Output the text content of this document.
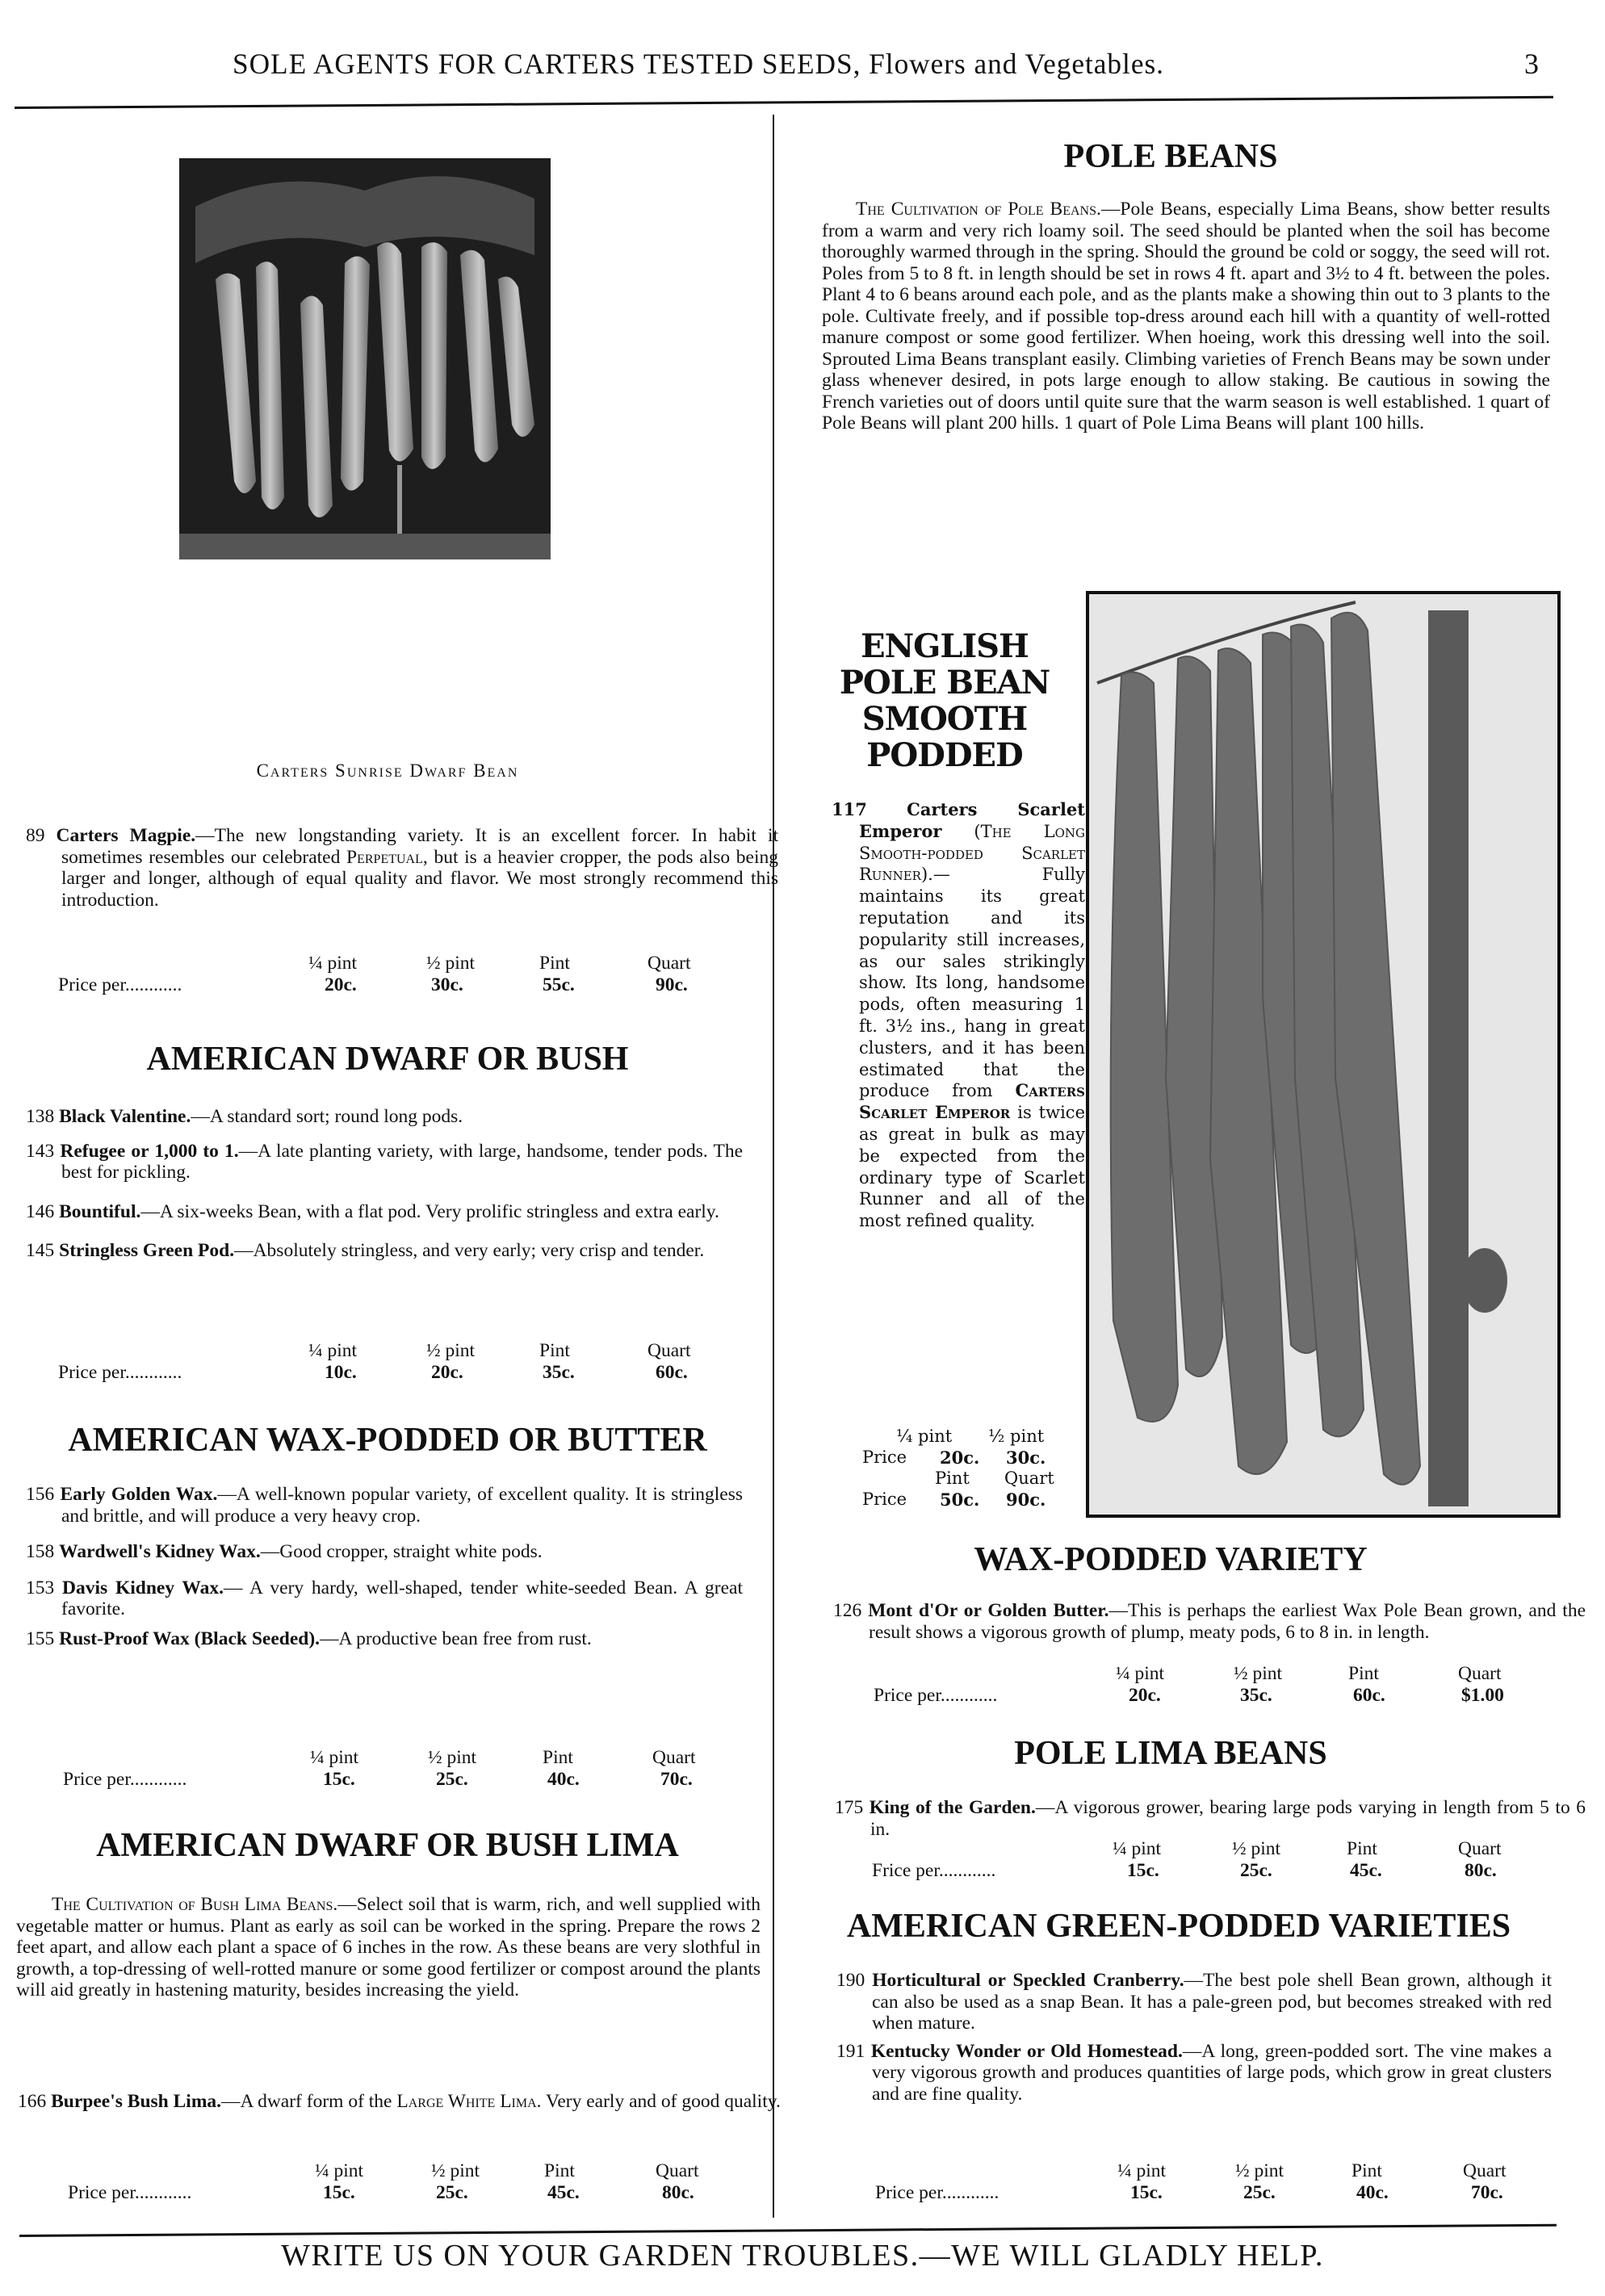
SOLE AGENTS FOR CARTERS TESTED SEEDS, Flowers and Vegetables.	3
Carters Sunrise Dwarf Bean
89 Carters Magpie.—The new longstanding variety. It is an excellent forcer. In habit it sometimes resembles our celebrated Perpetual, but is a heavier cropper, the pods also being larger and longer, although of equal quality and flavor. We most strongly recommend this introduction.
¼ pint	½ pint	Pint	Quart
Price per............	20c.	30c.	55c.	90c.
AMERICAN DWARF OR BUSH
138 Black Valentine.—A standard sort; round long pods.
143 Refugee or 1,000 to 1.—A late planting variety, with large, handsome, tender pods. The best for pickling.
146 Bountiful.—A six-weeks Bean, with a flat pod. Very prolific stringless and extra early.
145 Stringless Green Pod.—Absolutely stringless, and very early; very crisp and tender.
¼ pint	½ pint	Pint	Quart
Price per............	10c.	20c.	35c.	60c.
AMERICAN WAX-PODDED OR BUTTER
156 Early Golden Wax.—A well-known popular variety, of excellent quality. It is stringless and brittle, and will produce a very heavy crop.
158 Wardwell's Kidney Wax.—Good cropper, straight white pods.
153 Davis Kidney Wax.— A very hardy, well-shaped, tender white-seeded Bean. A great favorite.
155 Rust-Proof Wax (Black Seeded).—A productive bean free from rust.
¼ pint	½ pint	Pint	Quart
Price per............	15c.	25c.	40c.	70c.
AMERICAN DWARF OR BUSH LIMA
The Cultivation of Bush Lima Beans.—Select soil that is warm, rich, and well supplied with vegetable matter or humus. Plant as early as soil can be worked in the spring. Prepare the rows 2 feet apart, and allow each plant a space of 6 inches in the row. As these beans are very slothful in growth, a top-dressing of well-rotted manure or some good fertilizer or compost around the plants will aid greatly in hastening maturity, besides increasing the yield.
166 Burpee's Bush Lima.—A dwarf form of the Large White Lima. Very early and of good quality.
¼ pint	½ pint	Pint	Quart
Price per............	15c.	25c.	45c.	80c.
POLE BEANS
The Cultivation of Pole Beans.—Pole Beans, especially Lima Beans, show better results from a warm and very rich loamy soil. The seed should be planted when the soil has become thoroughly warmed through in the spring. Should the ground be cold or soggy, the seed will rot. Poles from 5 to 8 ft. in length should be set in rows 4 ft. apart and 3½ to 4 ft. between the poles. Plant 4 to 6 beans around each pole, and as the plants make a showing thin out to 3 plants to the pole. Cultivate freely, and if possible top-dress around each hill with a quantity of well-rotted manure compost or some good fertilizer. When hoeing, work this dressing well into the soil. Sprouted Lima Beans transplant easily. Climbing varieties of French Beans may be sown under glass whenever desired, in pots large enough to allow staking. Be cautious in sowing the French varieties out of doors until quite sure that the warm season is well established. 1 quart of Pole Beans will plant 200 hills. 1 quart of Pole Lima Beans will plant 100 hills.
ENGLISH
POLE BEAN
SMOOTH
PODDED
117 Carters Scarlet Emperor (The Long Smooth-podded Scarlet Runner).— Fully maintains its great reputation and its popularity still increases, as our sales strikingly show. Its long, handsome pods, often measuring 1 ft. 3½ ins., hang in great clusters, and it has been estimated that the produce from Carters Scarlet Emperor is twice as great in bulk as may be expected from the ordinary type of Scarlet Runner and all of the most refined quality.
¼ pint ½ pint
Price 20c. 30c.
Pint Quart
Price 50c. 90c.
WAX-PODDED VARIETY
126 Mont d'Or or Golden Butter.—This is perhaps the earliest Wax Pole Bean grown, and the result shows a vigorous growth of plump, meaty pods, 6 to 8 in. in length.
¼ pint	½ pint	Pint	Quart
Price per............	20c.	35c.	60c.	$1.00
POLE LIMA BEANS
175 King of the Garden.—A vigorous grower, bearing large pods varying in length from 5 to 6 in.
¼ pint	½ pint	Pint	Quart
Frice per............	15c.	25c.	45c.	80c.
AMERICAN GREEN-PODDED VARIETIES
190 Horticultural or Speckled Cranberry.—The best pole shell Bean grown, although it can also be used as a snap Bean. It has a pale-green pod, but becomes streaked with red when mature.
191 Kentucky Wonder or Old Homestead.—A long, green-podded sort. The vine makes a very vigorous growth and produces quantities of large pods, which grow in great clusters and are fine quality.
¼ pint	½ pint	Pint	Quart
Price per............	15c.	25c.	40c.	70c.
WRITE US ON YOUR GARDEN TROUBLES.—WE WILL GLADLY HELP.
